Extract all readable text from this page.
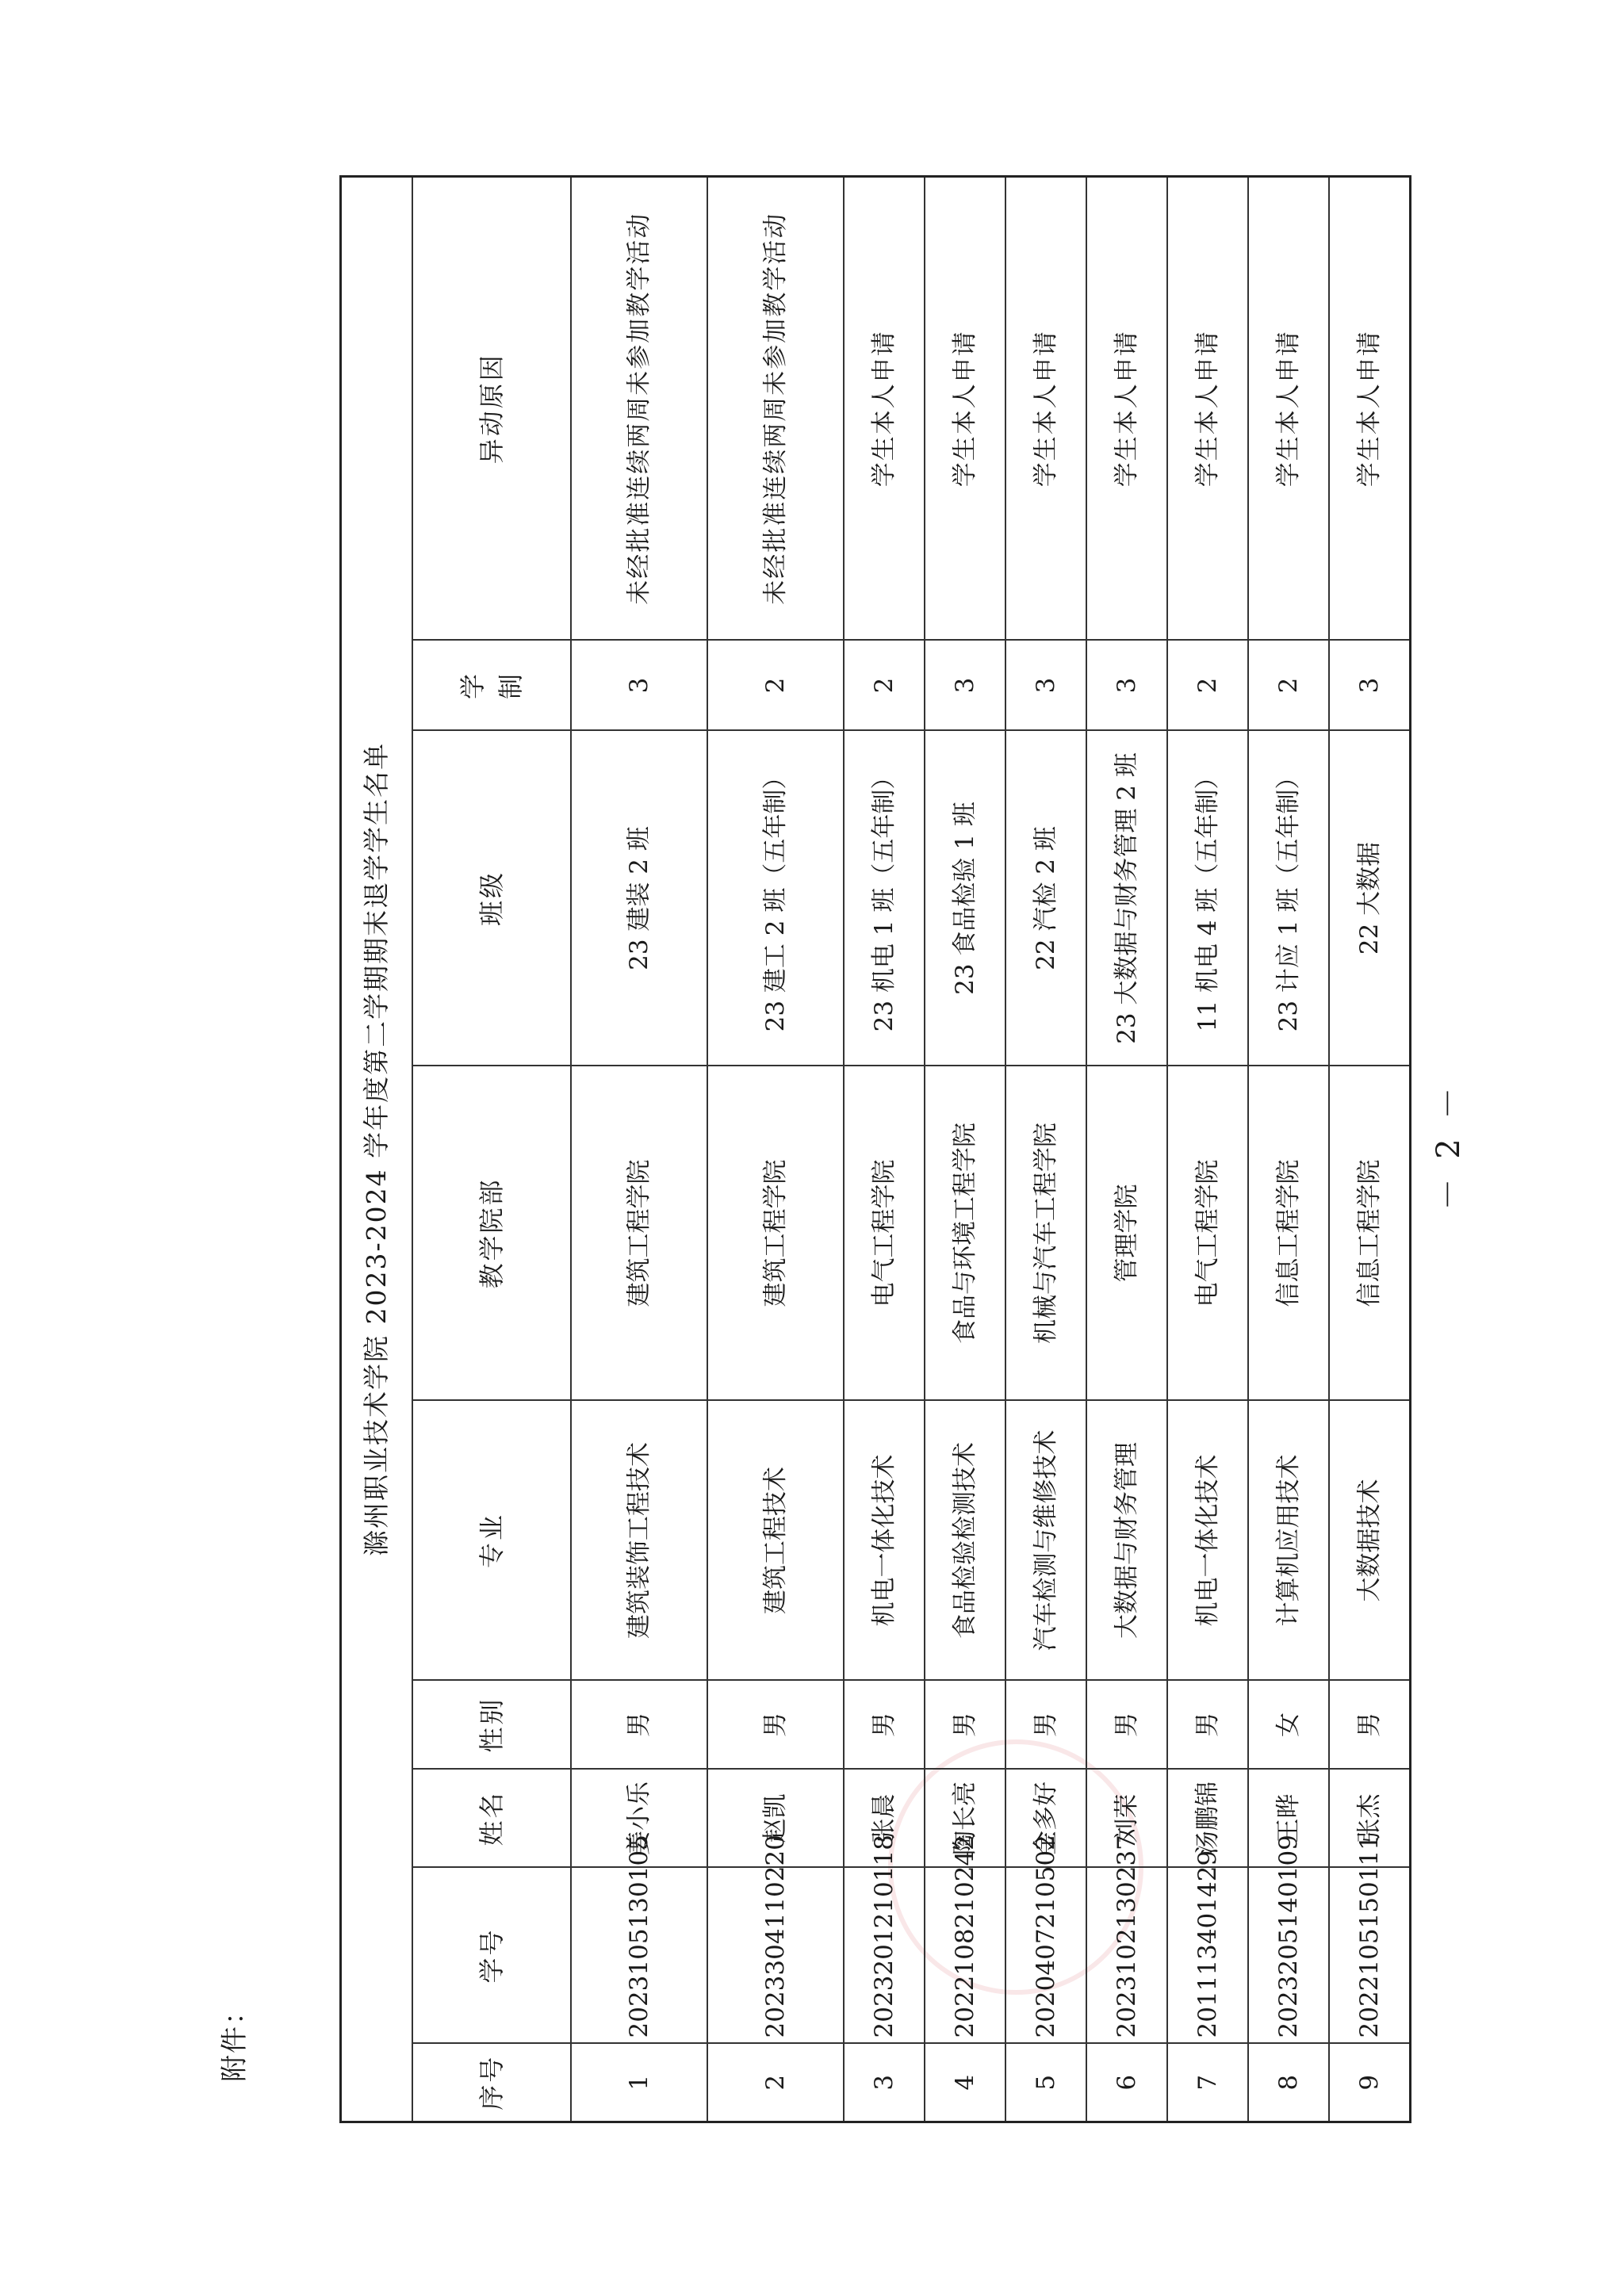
附件：
滁州职业技术学院 2023-2024 学年度第二学期期末退学学生名单								
序号	学号	姓名	性别	专业	教学院部	班级	学
制	异动原因
1	2023105130105	姜小乐	男	建筑装饰工程技术	建筑工程学院	23 建装 2 班	3	未经批准连续两周未参加教学活动
2	2023304110220	赵凯	男	建筑工程技术	建筑工程学院	23 建工 2 班（五年制）	2	未经批准连续两周未参加教学活动
3	2023201210118	张晨	男	机电一体化技术	电气工程学院	23 机电 1 班（五年制）	2	学生本人申请
4	2022108210242	陶长亮	男	食品检验检测技术	食品与环境工程学院	23 食品检验 1 班	3	学生本人申请
5	2020407210502	金多好	男	汽车检测与维修技术	机械与汽车工程学院	22 汽检 2 班	3	学生本人申请
6	2023102130237	刘荣	男	大数据与财务管理	管理学院	23 大数据与财务管理 2 班	3	学生本人申请
7	201113401429	汤鹏锦	男	机电一体化技术	电气工程学院	11 机电 4 班（五年制）	2	学生本人申请
8	2023205140109	王晔	女	计算机应用技术	信息工程学院	23 计应 1 班（五年制）	2	学生本人申请
9	2022105150111	张杰	男	大数据技术	信息工程学院	22 大数据	3	学生本人申请
－ 2 －
